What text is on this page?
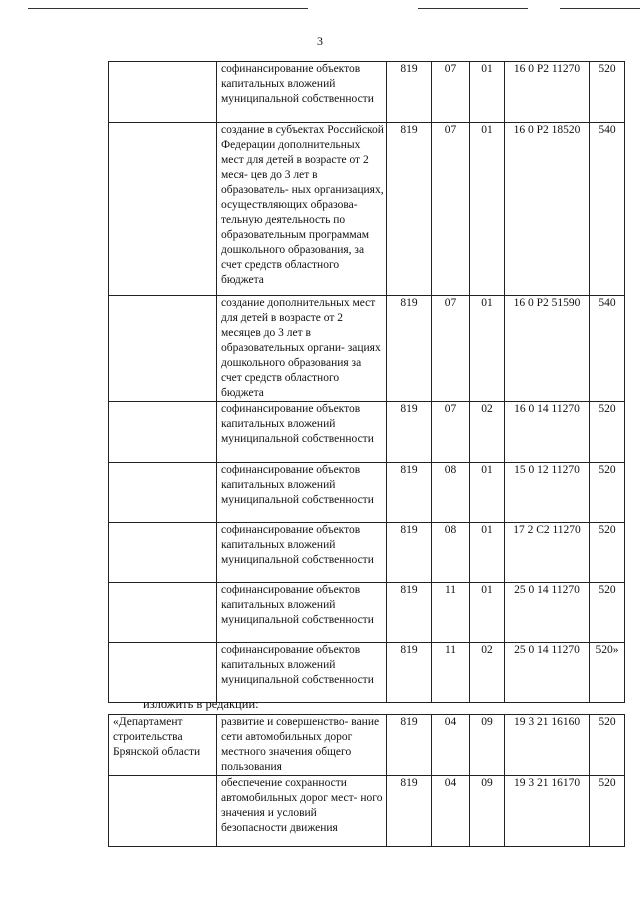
3
	софинансирование объектов капитальных вложений муниципальной собственности	819	07	01	16 0 P2 11270	520
	создание в субъектах Российской Федерации дополнительных мест для детей в возрасте от 2 меся- цев до 3 лет в образователь- ных организациях, осуществляющих образова- тельную деятельность по образовательным программам дошкольного образования, за счет средств областного бюджета	819	07	01	16 0 P2 18520	540
	создание дополнительных мест для детей в возрасте от 2 месяцев до 3 лет в образовательных органи- зациях дошкольного образования за счет средств областного бюджета	819	07	01	16 0 P2 51590	540
	софинансирование объектов капитальных вложений муниципальной собственности	819	07	02	16 0 14 11270	520
	софинансирование объектов капитальных вложений муниципальной собственности	819	08	01	15 0 12 11270	520
	софинансирование объектов капитальных вложений муниципальной собственности	819	08	01	17 2 C2 11270	520
	софинансирование объектов капитальных вложений муниципальной собственности	819	11	01	25 0 14 11270	520
	софинансирование объектов капитальных вложений муниципальной собственности	819	11	02	25 0 14 11270	520»
изложить в редакции:
«Департамент строительства Брянской области	развитие и совершенство- вание сети автомобильных дорог местного значения общего пользования	819	04	09	19 3 21 16160	520
	обеспечение сохранности автомобильных дорог мест- ного значения и условий безопасности движения	819	04	09	19 3 21 16170	520
